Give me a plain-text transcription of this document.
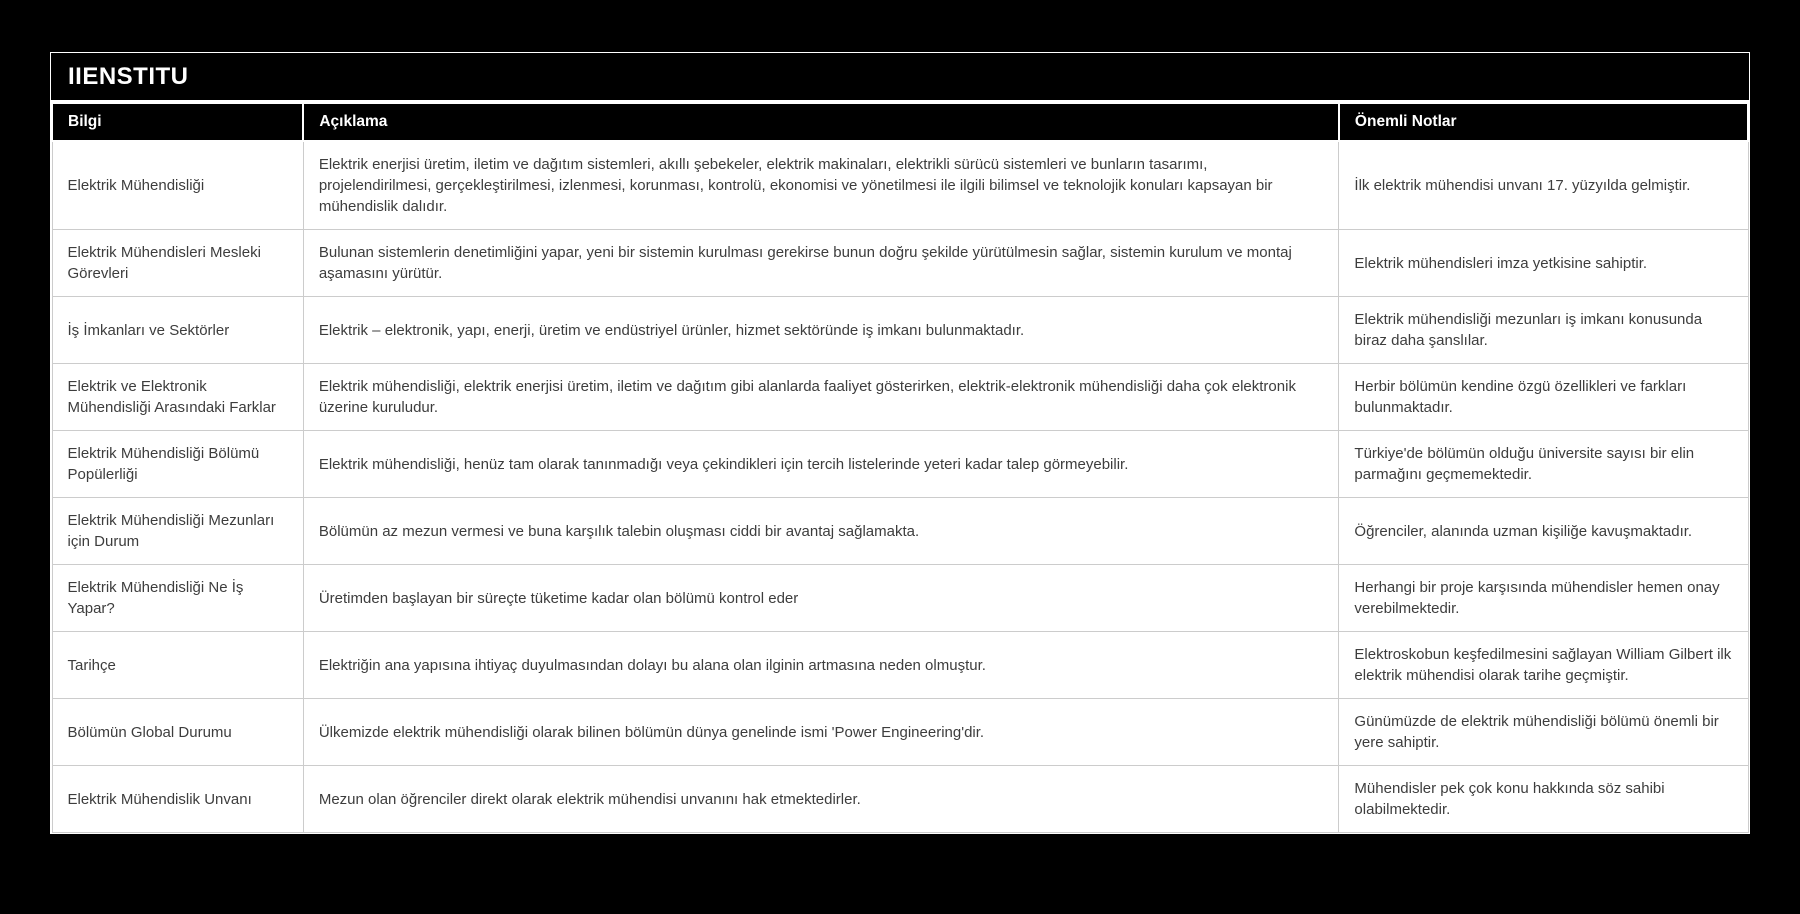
IIENSTITU
Bilgi	Açıklama	Önemli Notlar
Elektrik Mühendisliği	Elektrik enerjisi üretim, iletim ve dağıtım sistemleri, akıllı şebekeler, elektrik makinaları, elektrikli sürücü sistemleri ve bunların tasarımı, projelendirilmesi, gerçekleştirilmesi, izlenmesi, korunması, kontrolü, ekonomisi ve yönetilmesi ile ilgili bilimsel ve teknolojik konuları kapsayan bir mühendislik dalıdır.	İlk elektrik mühendisi unvanı 17. yüzyılda gelmiştir.
Elektrik Mühendisleri Mesleki Görevleri	Bulunan sistemlerin denetimliğini yapar, yeni bir sistemin kurulması gerekirse bunun doğru şekilde yürütülmesin sağlar, sistemin kurulum ve montaj aşamasını yürütür.	Elektrik mühendisleri imza yetkisine sahiptir.
İş İmkanları ve Sektörler	Elektrik – elektronik, yapı, enerji, üretim ve endüstriyel ürünler, hizmet sektöründe iş imkanı bulunmaktadır.	Elektrik mühendisliği mezunları iş imkanı konusunda biraz daha şanslılar.
Elektrik ve Elektronik Mühendisliği Arasındaki Farklar	Elektrik mühendisliği, elektrik enerjisi üretim, iletim ve dağıtım gibi alanlarda faaliyet gösterirken, elektrik-elektronik mühendisliği daha çok elektronik üzerine kuruludur.	Herbir bölümün kendine özgü özellikleri ve farkları bulunmaktadır.
Elektrik Mühendisliği Bölümü Popülerliği	Elektrik mühendisliği, henüz tam olarak tanınmadığı veya çekindikleri için tercih listelerinde yeteri kadar talep görmeyebilir.	Türkiye'de bölümün olduğu üniversite sayısı bir elin parmağını geçmemektedir.
Elektrik Mühendisliği Mezunları için Durum	Bölümün az mezun vermesi ve buna karşılık talebin oluşması ciddi bir avantaj sağlamakta.	Öğrenciler, alanında uzman kişiliğe kavuşmaktadır.
Elektrik Mühendisliği Ne İş Yapar?	Üretimden başlayan bir süreçte tüketime kadar olan bölümü kontrol eder	Herhangi bir proje karşısında mühendisler hemen onay verebilmektedir.
Tarihçe	Elektriğin ana yapısına ihtiyaç duyulmasından dolayı bu alana olan ilginin artmasına neden olmuştur.	Elektroskobun keşfedilmesini sağlayan William Gilbert ilk elektrik mühendisi olarak tarihe geçmiştir.
Bölümün Global Durumu	Ülkemizde elektrik mühendisliği olarak bilinen bölümün dünya genelinde ismi 'Power Engineering'dir.	Günümüzde de elektrik mühendisliği bölümü önemli bir yere sahiptir.
Elektrik Mühendislik Unvanı	Mezun olan öğrenciler direkt olarak elektrik mühendisi unvanını hak etmektedirler.	Mühendisler pek çok konu hakkında söz sahibi olabilmektedir.
